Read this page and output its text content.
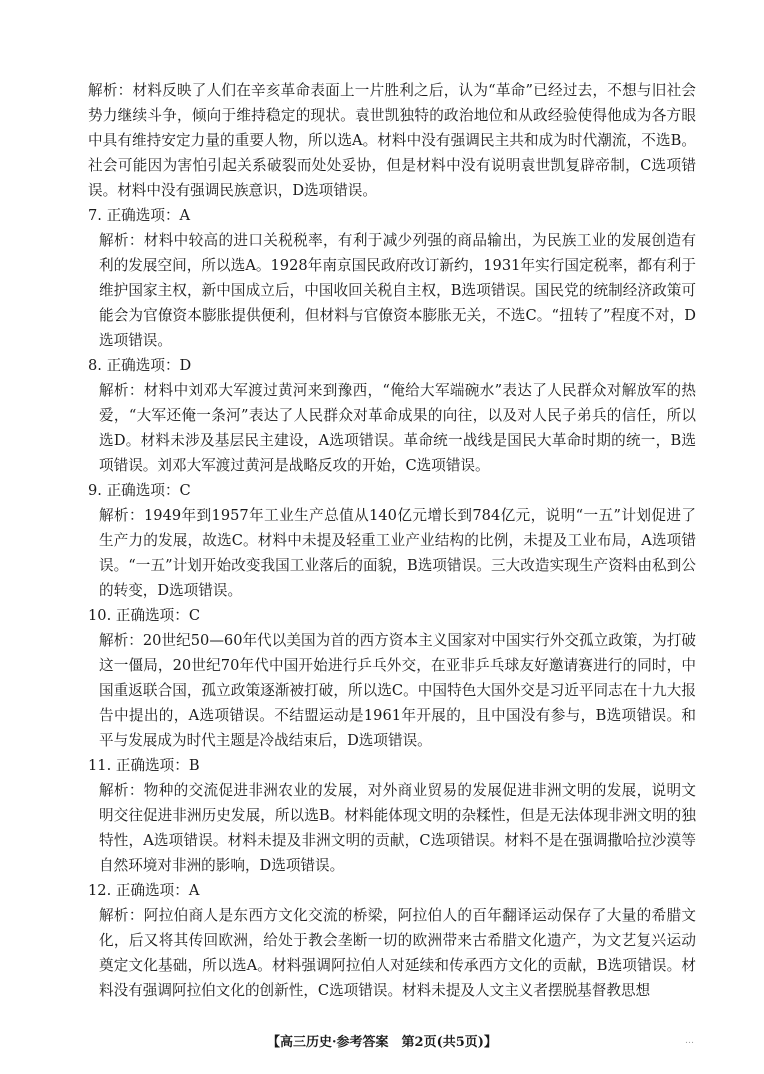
解析：材料反映了人们在辛亥革命表面上一片胜利之后，认为“革命”已经过去，不想与旧社会势力继续斗争，倾向于维持稳定的现状。袁世凯独特的政治地位和从政经验使得他成为各方眼中具有维持安定力量的重要人物，所以选A。材料中没有强调民主共和成为时代潮流，不选B。社会可能因为害怕引起关系破裂而处处妥协，但是材料中没有说明袁世凯复辟帝制，C选项错误。材料中没有强调民族意识，D选项错误。

7. 正确选项：A

解析：材料中较高的进口关税税率，有利于减少列强的商品输出，为民族工业的发展创造有利的发展空间，所以选A。1928年南京国民政府改订新约，1931年实行国定税率，都有利于维护国家主权，新中国成立后，中国收回关税自主权，B选项错误。国民党的统制经济政策可能会为官僚资本膨胀提供便利，但材料与官僚资本膨胀无关，不选C。“扭转了”程度不对，D选项错误。

8. 正确选项：D

解析：材料中刘邓大军渡过黄河来到豫西，“俺给大军端碗水”表达了人民群众对解放军的热爱，“大军还俺一条河”表达了人民群众对革命成果的向往，以及对人民子弟兵的信任，所以选D。材料未涉及基层民主建设，A选项错误。革命统一战线是国民大革命时期的统一，B选项错误。刘邓大军渡过黄河是战略反攻的开始，C选项错误。

9. 正确选项：C

解析：1949年到1957年工业生产总值从140亿元增长到784亿元，说明“一五”计划促进了生产力的发展，故选C。材料中未提及轻重工业产业结构的比例，未提及工业布局，A选项错误。“一五”计划开始改变我国工业落后的面貌，B选项错误。三大改造实现生产资料由私到公的转变，D选项错误。

10. 正确选项：C

解析：20世纪50—60年代以美国为首的西方资本主义国家对中国实行外交孤立政策，为打破这一僵局，20世纪70年代中国开始进行乒乓外交，在亚非乒乓球友好邀请赛进行的同时，中国重返联合国，孤立政策逐渐被打破，所以选C。中国特色大国外交是习近平同志在十九大报告中提出的，A选项错误。不结盟运动是1961年开展的，且中国没有参与，B选项错误。和平与发展成为时代主题是冷战结束后，D选项错误。

11. 正确选项：B

解析：物种的交流促进非洲农业的发展，对外商业贸易的发展促进非洲文明的发展，说明文明交往促进非洲历史发展，所以选B。材料能体现文明的杂糅性，但是无法体现非洲文明的独特性，A选项错误。材料未提及非洲文明的贡献，C选项错误。材料不是在强调撒哈拉沙漠等自然环境对非洲的影响，D选项错误。

12. 正确选项：A

解析：阿拉伯商人是东西方文化交流的桥梁，阿拉伯人的百年翻译运动保存了大量的希腊文化，后又将其传回欧洲，给处于教会垄断一切的欧洲带来古希腊文化遗产，为文艺复兴运动奠定文化基础，所以选A。材料强调阿拉伯人对延续和传承西方文化的贡献，B选项错误。材料没有强调阿拉伯文化的创新性，C选项错误。材料未提及人文主义者摆脱基督教思想

【高三历史·参考答案　第2页(共5页)】	…
